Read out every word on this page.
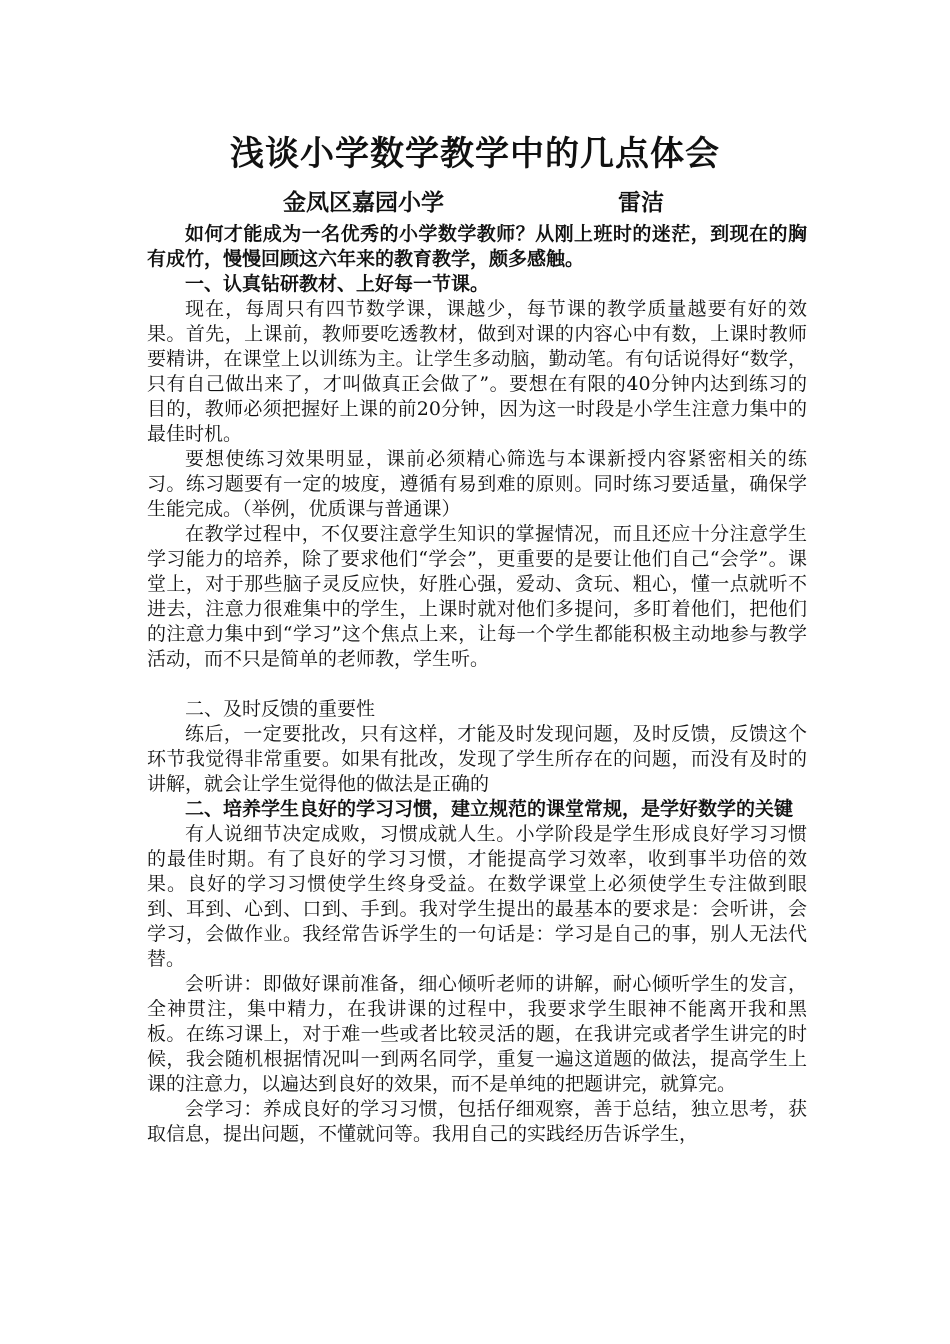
浅谈小学数学教学中的几点体会
金凤区嘉园小学	雷洁

如何才能成为一名优秀的小学数学教师？从刚上班时的迷茫，到现在的胸有成竹，慢慢回顾这六年来的教育教学，颇多感触。

一、认真钻研教材、上好每一节课。

现在，每周只有四节数学课，课越少，每节课的教学质量越要有好的效果。首先，上课前，教师要吃透教材，做到对课的内容心中有数，上课时教师要精讲，在课堂上以训练为主。让学生多动脑，勤动笔。有句话说得好“数学，只有自己做出来了，才叫做真正会做了”。要想在有限的40分钟内达到练习的目的，教师必须把握好上课的前20分钟，因为这一时段是小学生注意力集中的最佳时机。

要想使练习效果明显，课前必须精心筛选与本课新授内容紧密相关的练习。练习题要有一定的坡度，遵循有易到难的原则。同时练习要适量，确保学生能完成。（举例，优质课与普通课）

在教学过程中，不仅要注意学生知识的掌握情况，而且还应十分注意学生学习能力的培养，除了要求他们“学会”，更重要的是要让他们自己“会学”。课堂上，对于那些脑子灵反应快，好胜心强，爱动、贪玩、粗心，懂一点就听不进去，注意力很难集中的学生，上课时就对他们多提问，多盯着他们，把他们的注意力集中到“学习”这个焦点上来，让每一个学生都能积极主动地参与教学活动，而不只是简单的老师教，学生听。

二、及时反馈的重要性

练后，一定要批改，只有这样，才能及时发现问题，及时反馈，反馈这个环节我觉得非常重要。如果有批改，发现了学生所存在的问题，而没有及时的讲解，就会让学生觉得他的做法是正确的

二、培养学生良好的学习习惯，建立规范的课堂常规，是学好数学的关键

有人说细节决定成败，习惯成就人生。小学阶段是学生形成良好学习习惯的最佳时期。有了良好的学习习惯，才能提高学习效率，收到事半功倍的效果。良好的学习习惯使学生终身受益。在数学课堂上必须使学生专注做到眼到、耳到、心到、口到、手到。我对学生提出的最基本的要求是：会听讲，会学习，会做作业。我经常告诉学生的一句话是：学习是自己的事，别人无法代替。

会听讲：即做好课前准备，细心倾听老师的讲解，耐心倾听学生的发言，全神贯注，集中精力，在我讲课的过程中，我要求学生眼神不能离开我和黑板。在练习课上，对于难一些或者比较灵活的题，在我讲完或者学生讲完的时候，我会随机根据情况叫一到两名同学，重复一遍这道题的做法，提高学生上课的注意力，以遍达到良好的效果，而不是单纯的把题讲完，就算完。

会学习：养成良好的学习习惯，包括仔细观察，善于总结，独立思考，获取信息，提出问题，不懂就问等。我用自己的实践经历告诉学生，
